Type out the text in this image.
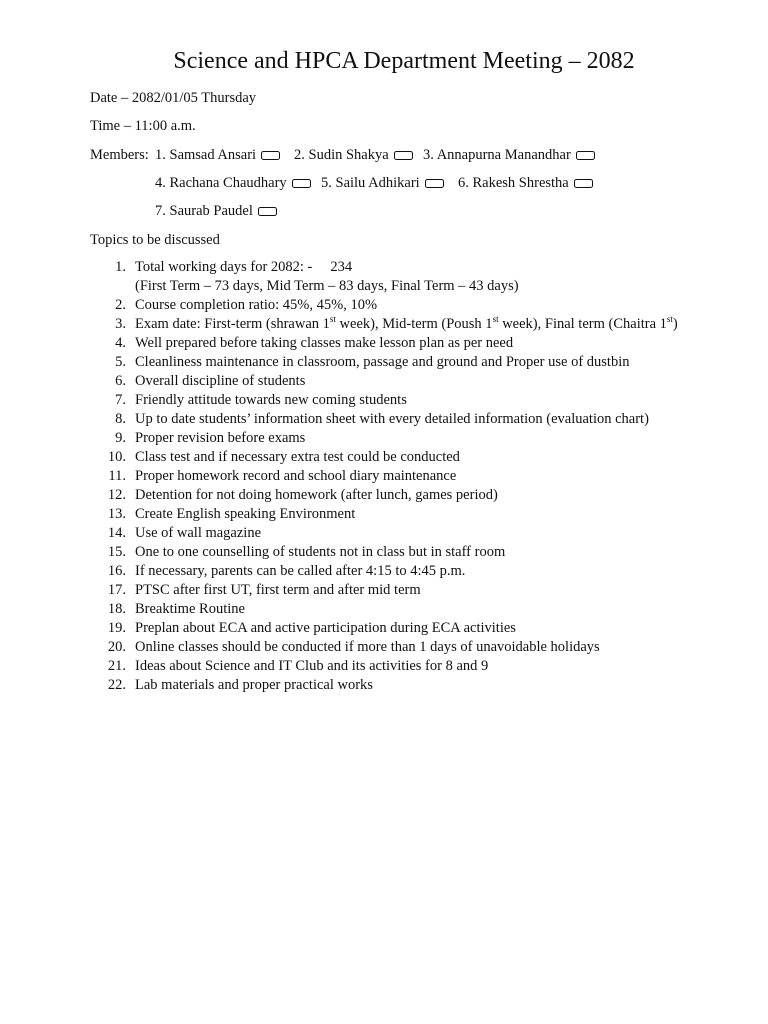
Science and HPCA Department Meeting – 2082
Date – 2082/01/05 Thursday
Time – 11:00 a.m.
Members: 1. Samsad Ansari	2. Sudin Shakya	3. Annapurna Manandhar
4. Rachana Chaudhary	5. Sailu Adhikari	6. Rakesh Shrestha
7. Saurab Paudel
Topics to be discussed
1. Total working days for 2082: - 234
(First Term – 73 days, Mid Term – 83 days, Final Term – 43 days)
2. Course completion ratio: 45%, 45%, 10%
3. Exam date: First-term (shrawan 1st week), Mid-term (Poush 1st week), Final term (Chaitra 1st)
4. Well prepared before taking classes make lesson plan as per need
5. Cleanliness maintenance in classroom, passage and ground and Proper use of dustbin
6. Overall discipline of students
7. Friendly attitude towards new coming students
8. Up to date students’ information sheet with every detailed information (evaluation chart)
9. Proper revision before exams
10. Class test and if necessary extra test could be conducted
11. Proper homework record and school diary maintenance
12. Detention for not doing homework (after lunch, games period)
13. Create English speaking Environment
14. Use of wall magazine
15. One to one counselling of students not in class but in staff room
16. If necessary, parents can be called after 4:15 to 4:45 p.m.
17. PTSC after first UT, first term and after mid term
18. Breaktime Routine
19. Preplan about ECA and active participation during ECA activities
20. Online classes should be conducted if more than 1 days of unavoidable holidays
21. Ideas about Science and IT Club and its activities for 8 and 9
22. Lab materials and proper practical works
